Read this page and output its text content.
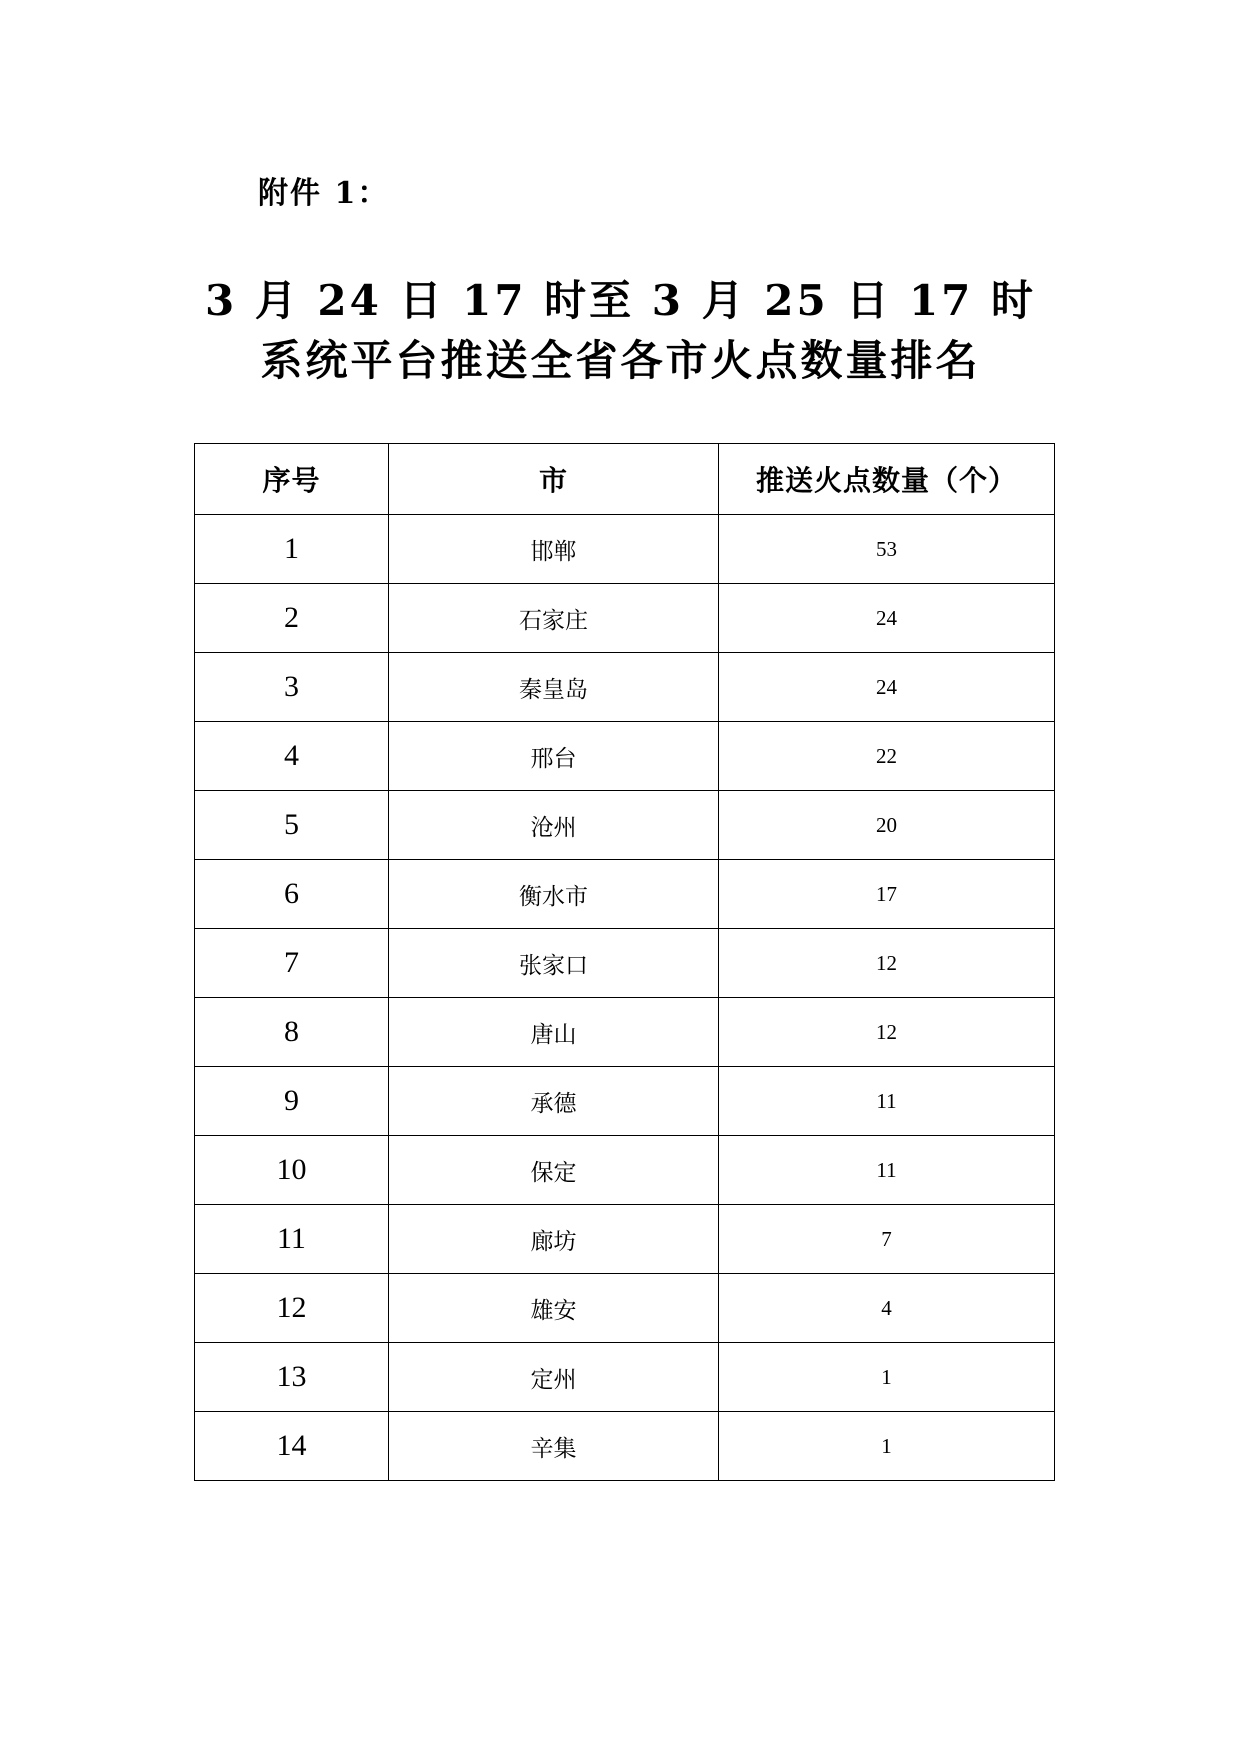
附件 1：
3 月 24 日 17 时至 3 月 25 日 17 时
系统平台推送全省各市火点数量排名
序号	市	推送火点数量（个）
1	邯郸	53
2	石家庄	24
3	秦皇岛	24
4	邢台	22
5	沧州	20
6	衡水市	17
7	张家口	12
8	唐山	12
9	承德	11
10	保定	11
11	廊坊	7
12	雄安	4
13	定州	1
14	辛集	1
